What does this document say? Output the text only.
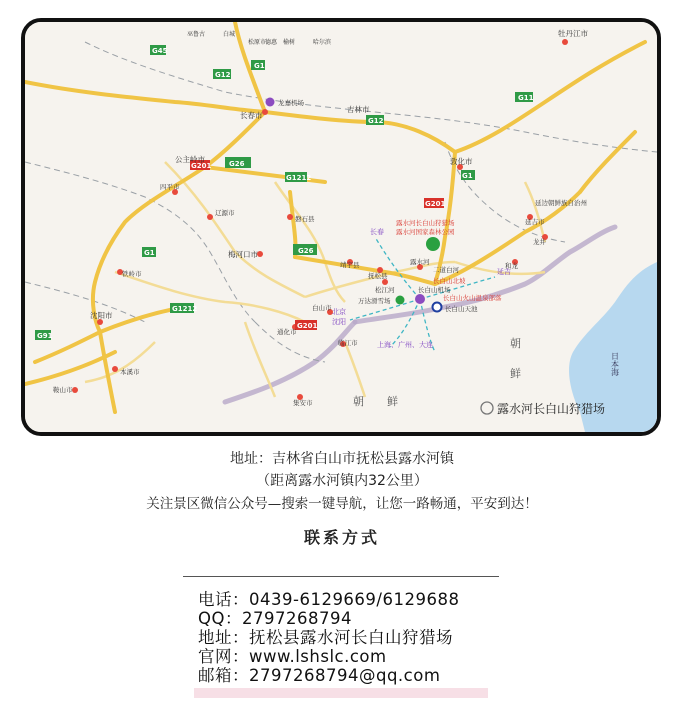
G45
G12
G1
G12
G11
G1
G201
G26
G1212
G201
G26
G1
G1212
G91
G201
巫鲁古	白城
松原市
德惠 榆树	哈尔滨
牡丹江市
长春市
龙嘉机场
吉林市
公主岭市
四平市
辽源市
磐石县
梅河口市
铁岭市
沈阳市
本溪市
鞍山市
通化市
白山市
靖宇县
抚松县
松江河
临江市
集安市
敦化市
延边朝鲜族自治州
延吉市
龙井
和龙
二道白河
露水河
长白山北坡
长白山火山温泉部落
长白山机场
长白山天池
万达滑雪场
露水河长白山狩猎场
露水河国家森林公园
朝
鲜
朝 鲜
日本海
长春
北京
沈阳
上海、广州、大连
延吉
露水河长白山狩猎场
地址：吉林省白山市抚松县露水河镇
（距离露水河镇内32公里）
关注景区微信公众号—搜索一键导航，让您一路畅通，平安到达！
联系方式
电话：0439-6129669/6129688
QQ：2797268794
地址：抚松县露水河长白山狩猎场
官网：www.lshslc.com
邮箱：2797268794@qq.com
